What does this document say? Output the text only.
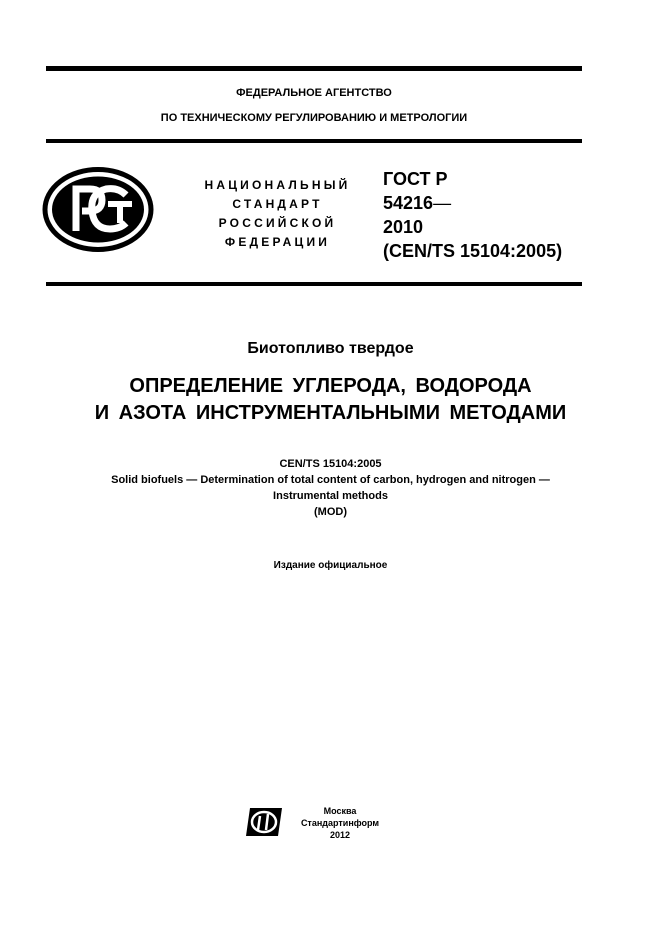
ФЕДЕРАЛЬНОЕ АГЕНТСТВО
ПО ТЕХНИЧЕСКОМУ РЕГУЛИРОВАНИЮ И МЕТРОЛОГИИ
НАЦИОНАЛЬНЫЙ
СТАНДАРТ
РОССИЙСКОЙ
ФЕДЕРАЦИИ
ГОСТ Р
54216—
2010
(CEN/TS 15104:2005)
Биотопливо твердое
ОПРЕДЕЛЕНИЕ УГЛЕРОДА, ВОДОРОДА
И АЗОТА ИНСТРУМЕНТАЛЬНЫМИ МЕТОДАМИ
CEN/TS 15104:2005
Solid biofuels — Determination of total content of carbon, hydrogen and nitrogen —
Instrumental methods
(MOD)
Издание официальное
Москва
Стандартинформ
2012
